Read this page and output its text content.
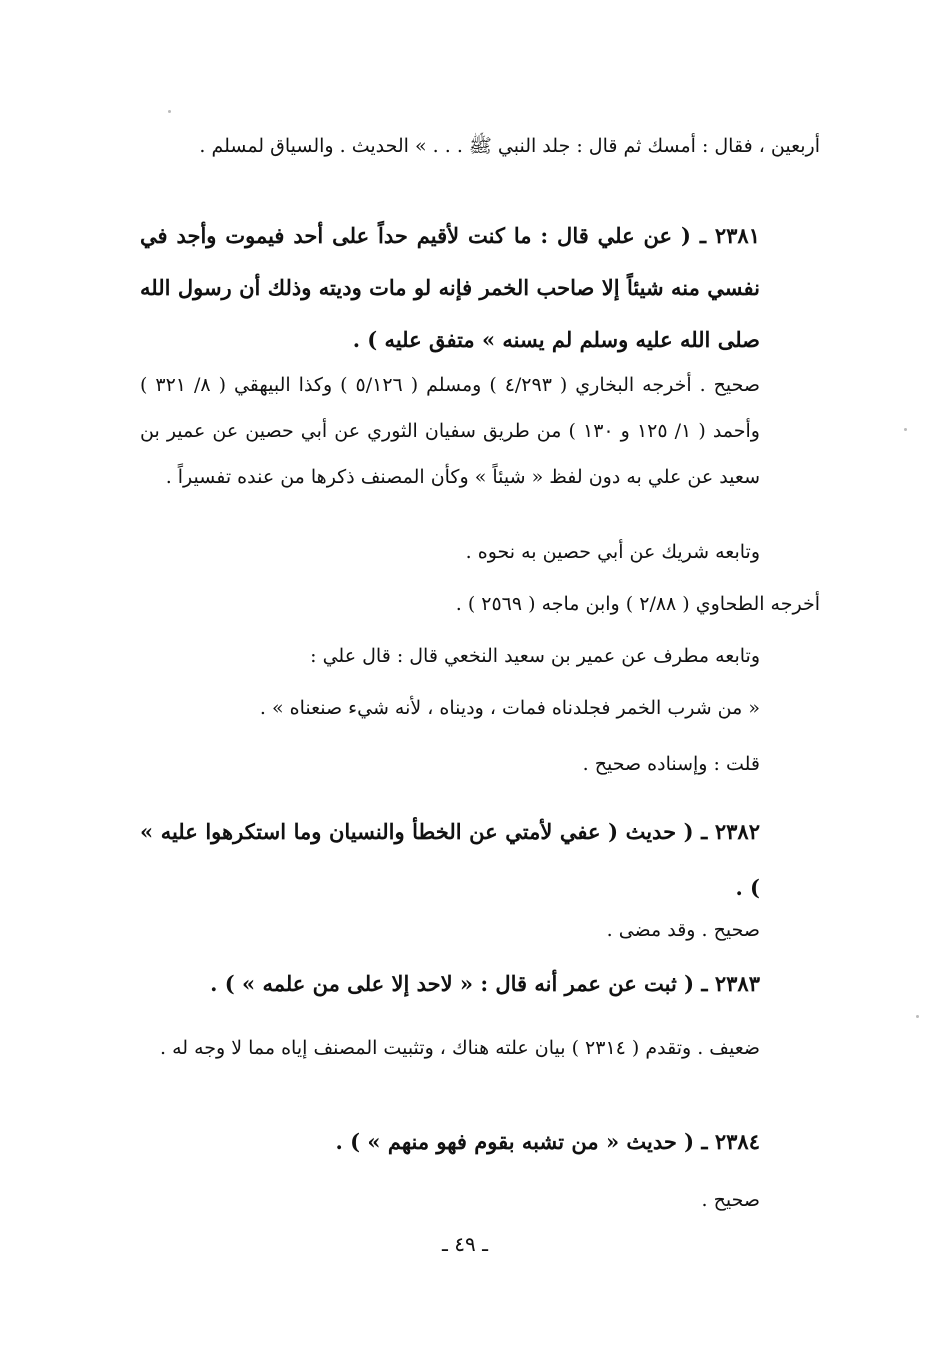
أربعين ، فقال : أمسك ثم قال : جلد النبي ﷺ . . . » الحديث . والسياق لمسلم .

٢٣٨١ ـ ( عن علي قال : ما كنت لأقيم حداً على أحد فيموت وأجد في نفسي منه شيئاً إلا صاحب الخمر فإنه لو مات وديته وذلك أن رسول الله صلى الله عليه وسلم لم يسنه » متفق عليه ) .

صحيح . أخرجه البخاري ( ٤/٢٩٣ ) ومسلم ( ٥/١٢٦ ) وكذا البيهقي ( ٨/ ٣٢١ ) وأحمد ( ١/ ١٢٥ و ١٣٠ ) من طريق سفيان الثوري عن أبي حصين عن عمير بن سعيد عن علي به دون لفظ « شيئاً » وكأن المصنف ذكرها من عنده تفسيراً .

وتابعه شريك عن أبي حصين به نحوه .

أخرجه الطحاوي ( ٢/٨٨ ) وابن ماجه ( ٢٥٦٩ ) .

وتابعه مطرف عن عمير بن سعيد النخعي قال : قال علي :

« من شرب الخمر فجلدناه فمات ، وديناه ، لأنه شيء صنعناه » .

قلت : وإسناده صحيح .

٢٣٨٢ ـ ( حديث ( عفي لأمتي عن الخطأ والنسيان وما استكرهوا عليه » ) .

صحيح . وقد مضى .

٢٣٨٣ ـ ( ثبت عن عمر أنه قال : « لاحد إلا على من علمه » ) .

ضعيف . وتقدم ( ٢٣١٤ ) بيان علته هناك ، وتثبيت المصنف إياه مما لا وجه له .

٢٣٨٤ ـ ( حديث « من تشبه بقوم فهو منهم » ) .

صحيح .

ـ ٤٩ ـ
